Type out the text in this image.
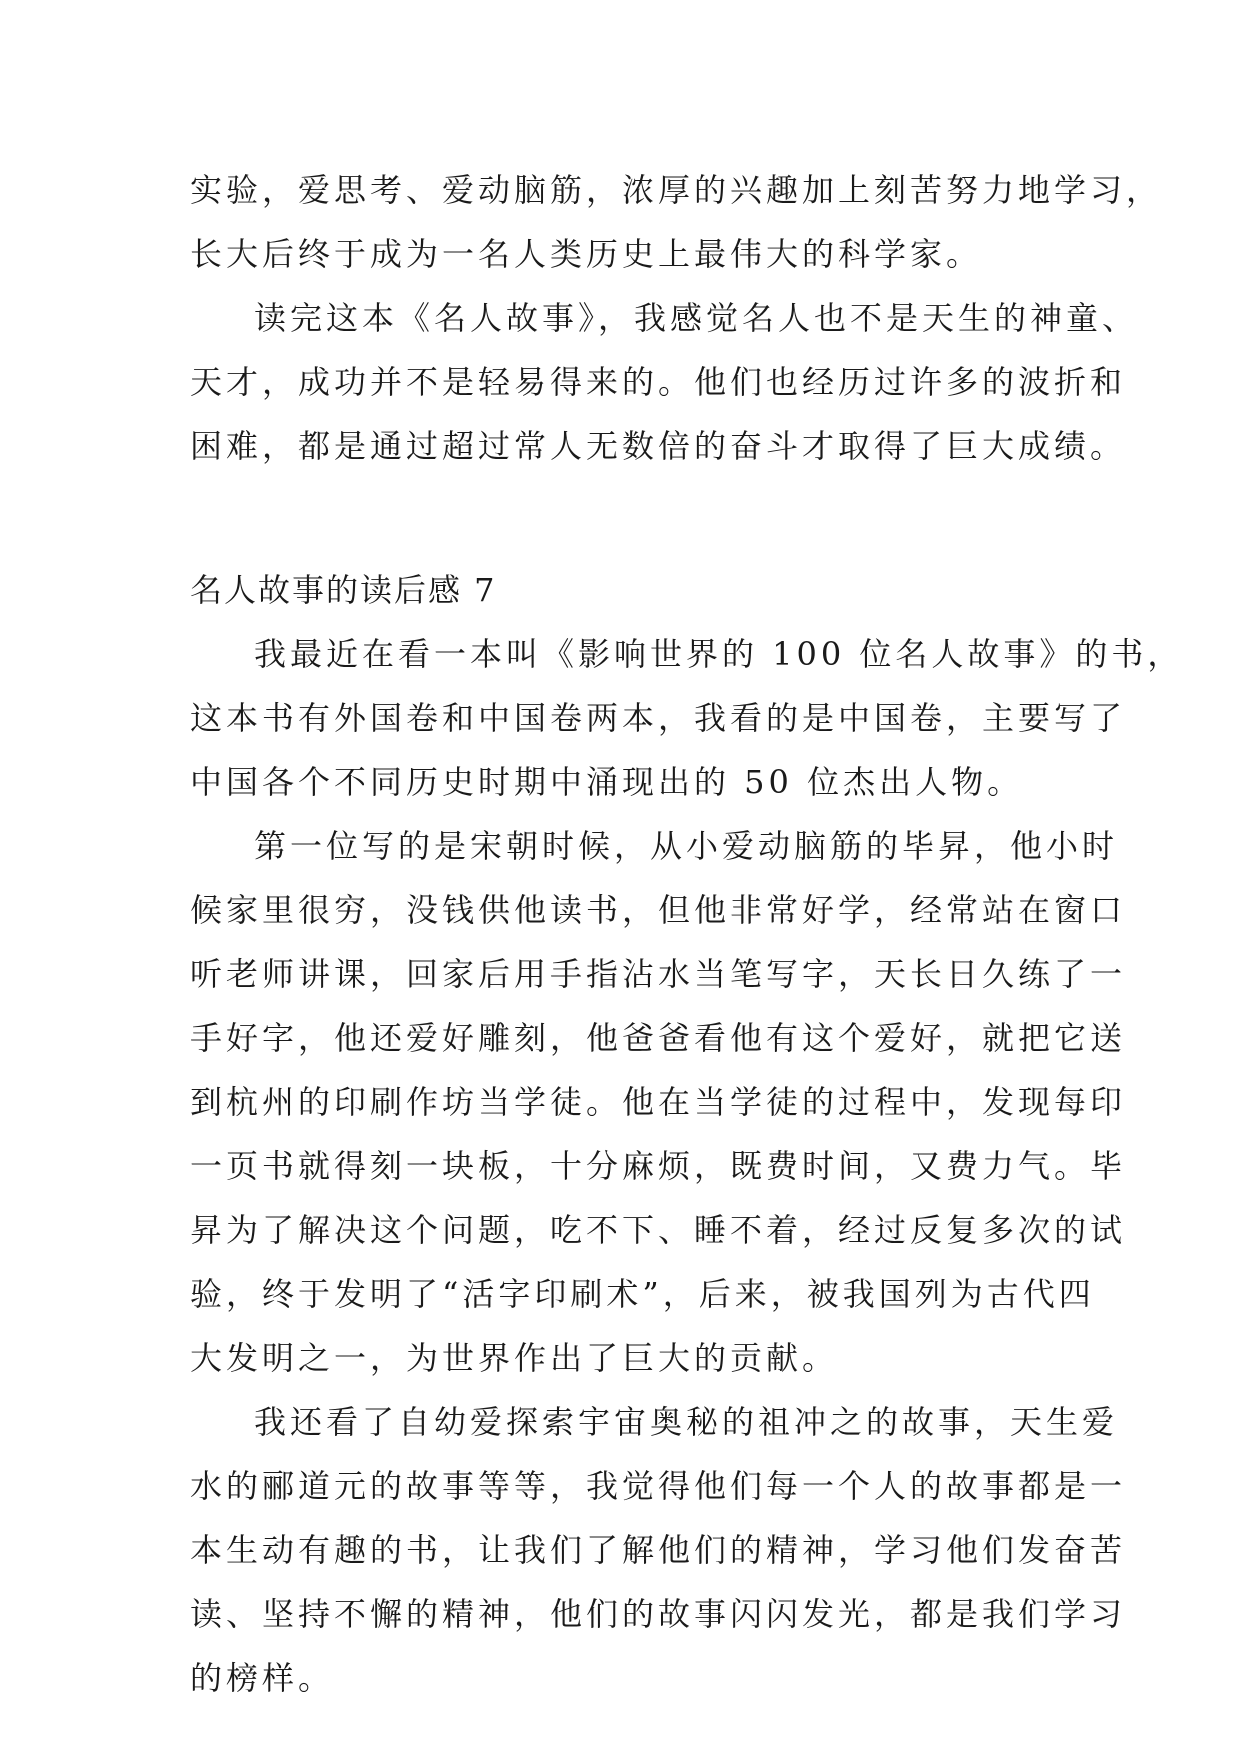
实验，爱思考、爱动脑筋，浓厚的兴趣加上刻苦努力地学习，
长大后终于成为一名人类历史上最伟大的科学家。

读完这本《名人故事》，我感觉名人也不是天生的神童、
天才，成功并不是轻易得来的。他们也经历过许多的波折和
困难，都是通过超过常人无数倍的奋斗才取得了巨大成绩。

名人故事的读后感 7

我最近在看一本叫《影响世界的 100 位名人故事》的书，
这本书有外国卷和中国卷两本，我看的是中国卷，主要写了
中国各个不同历史时期中涌现出的 50 位杰出人物。

第一位写的是宋朝时候，从小爱动脑筋的毕昇，他小时
候家里很穷，没钱供他读书，但他非常好学，经常站在窗口
听老师讲课，回家后用手指沾水当笔写字，天长日久练了一
手好字，他还爱好雕刻，他爸爸看他有这个爱好，就把它送
到杭州的印刷作坊当学徒。他在当学徒的过程中，发现每印
一页书就得刻一块板，十分麻烦，既费时间，又费力气。毕
昇为了解决这个问题，吃不下、睡不着，经过反复多次的试
验，终于发明了“活字印刷术”，后来，被我国列为古代四
大发明之一，为世界作出了巨大的贡献。

我还看了自幼爱探索宇宙奥秘的祖冲之的故事，天生爱
水的郦道元的故事等等，我觉得他们每一个人的故事都是一
本生动有趣的书，让我们了解他们的精神，学习他们发奋苦
读、坚持不懈的精神，他们的故事闪闪发光，都是我们学习
的榜样。
